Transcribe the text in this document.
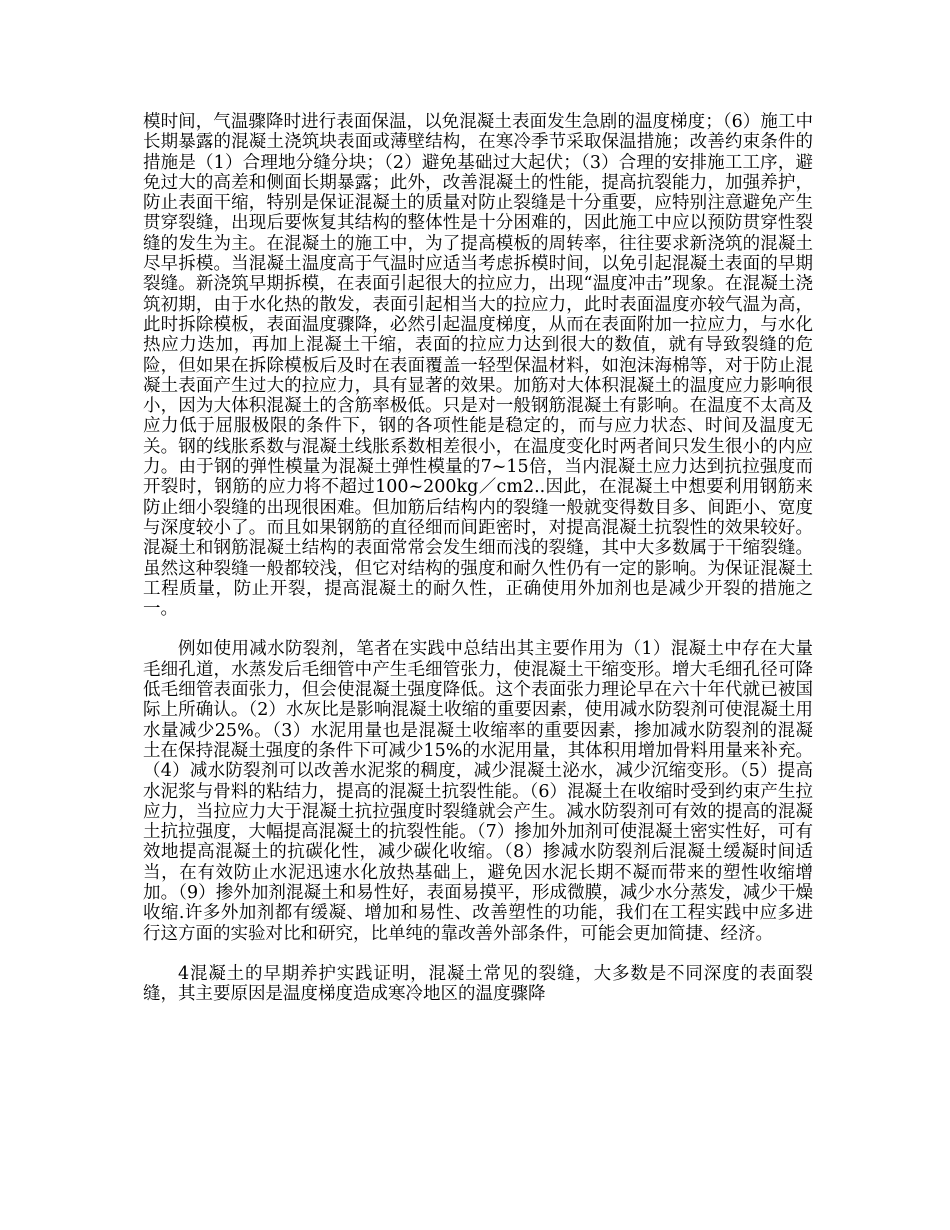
模时间，气温骤降时进行表面保温，以免混凝土表面发生急剧的温度梯度；（6）施工中长期暴露的混凝土浇筑块表面或薄壁结构，在寒冷季节采取保温措施；改善约束条件的措施是（1）合理地分缝分块；（2）避免基础过大起伏；（3）合理的安排施工工序，避免过大的高差和侧面长期暴露；此外，改善混凝土的性能，提高抗裂能力，加强养护，防止表面干缩，特别是保证混凝土的质量对防止裂缝是十分重要，应特别注意避免产生贯穿裂缝，出现后要恢复其结构的整体性是十分困难的，因此施工中应以预防贯穿性裂缝的发生为主。在混凝土的施工中，为了提高模板的周转率，往往要求新浇筑的混凝土尽早拆模。当混凝土温度高于气温时应适当考虑拆模时间，以免引起混凝土表面的早期裂缝。新浇筑早期拆模，在表面引起很大的拉应力，出现“温度冲击”现象。在混凝土浇筑初期，由于水化热的散发，表面引起相当大的拉应力，此时表面温度亦较气温为高，此时拆除模板，表面温度骤降，必然引起温度梯度，从而在表面附加一拉应力，与水化热应力迭加，再加上混凝土干缩，表面的拉应力达到很大的数值，就有导致裂缝的危险，但如果在拆除模板后及时在表面覆盖一轻型保温材料，如泡沫海棉等，对于防止混凝土表面产生过大的拉应力，具有显著的效果。加筋对大体积混凝土的温度应力影响很小，因为大体积混凝土的含筋率极低。只是对一般钢筋混凝土有影响。在温度不太高及应力低于屈服极限的条件下，钢的各项性能是稳定的，而与应力状态、时间及温度无关。钢的线胀系数与混凝土线胀系数相差很小，在温度变化时两者间只发生很小的内应力。由于钢的弹性模量为混凝土弹性模量的7~15倍，当内混凝土应力达到抗拉强度而开裂时，钢筋的应力将不超过100~200kg／cm2..因此，在混凝土中想要利用钢筋来防止细小裂缝的出现很困难。但加筋后结构内的裂缝一般就变得数目多、间距小、宽度与深度较小了。而且如果钢筋的直径细而间距密时，对提高混凝土抗裂性的效果较好。混凝土和钢筋混凝土结构的表面常常会发生细而浅的裂缝，其中大多数属于干缩裂缝。虽然这种裂缝一般都较浅，但它对结构的强度和耐久性仍有一定的影响。为保证混凝土工程质量，防止开裂，提高混凝土的耐久性，正确使用外加剂也是减少开裂的措施之一。

例如使用减水防裂剂，笔者在实践中总结出其主要作用为（1）混凝土中存在大量毛细孔道，水蒸发后毛细管中产生毛细管张力，使混凝土干缩变形。增大毛细孔径可降低毛细管表面张力，但会使混凝土强度降低。这个表面张力理论早在六十年代就已被国际上所确认。（2）水灰比是影响混凝土收缩的重要因素，使用减水防裂剂可使混凝土用水量减少25%。（3）水泥用量也是混凝土收缩率的重要因素，掺加减水防裂剂的混凝土在保持混凝土强度的条件下可减少15%的水泥用量，其体积用增加骨料用量来补充。（4）减水防裂剂可以改善水泥浆的稠度，减少混凝土泌水，减少沉缩变形。（5）提高水泥浆与骨料的粘结力，提高的混凝土抗裂性能。（6）混凝土在收缩时受到约束产生拉应力，当拉应力大于混凝土抗拉强度时裂缝就会产生。减水防裂剂可有效的提高的混凝土抗拉强度，大幅提高混凝土的抗裂性能。（7）掺加外加剂可使混凝土密实性好，可有效地提高混凝土的抗碳化性，减少碳化收缩。（8）掺减水防裂剂后混凝土缓凝时间适当，在有效防止水泥迅速水化放热基础上，避免因水泥长期不凝而带来的塑性收缩增加。（9）掺外加剂混凝土和易性好，表面易摸平，形成微膜，减少水分蒸发，减少干燥收缩.许多外加剂都有缓凝、增加和易性、改善塑性的功能，我们在工程实践中应多进行这方面的实验对比和研究，比单纯的靠改善外部条件，可能会更加简捷、经济。

4混凝土的早期养护实践证明，混凝土常见的裂缝，大多数是不同深度的表面裂缝，其主要原因是温度梯度造成寒冷地区的温度骤降
